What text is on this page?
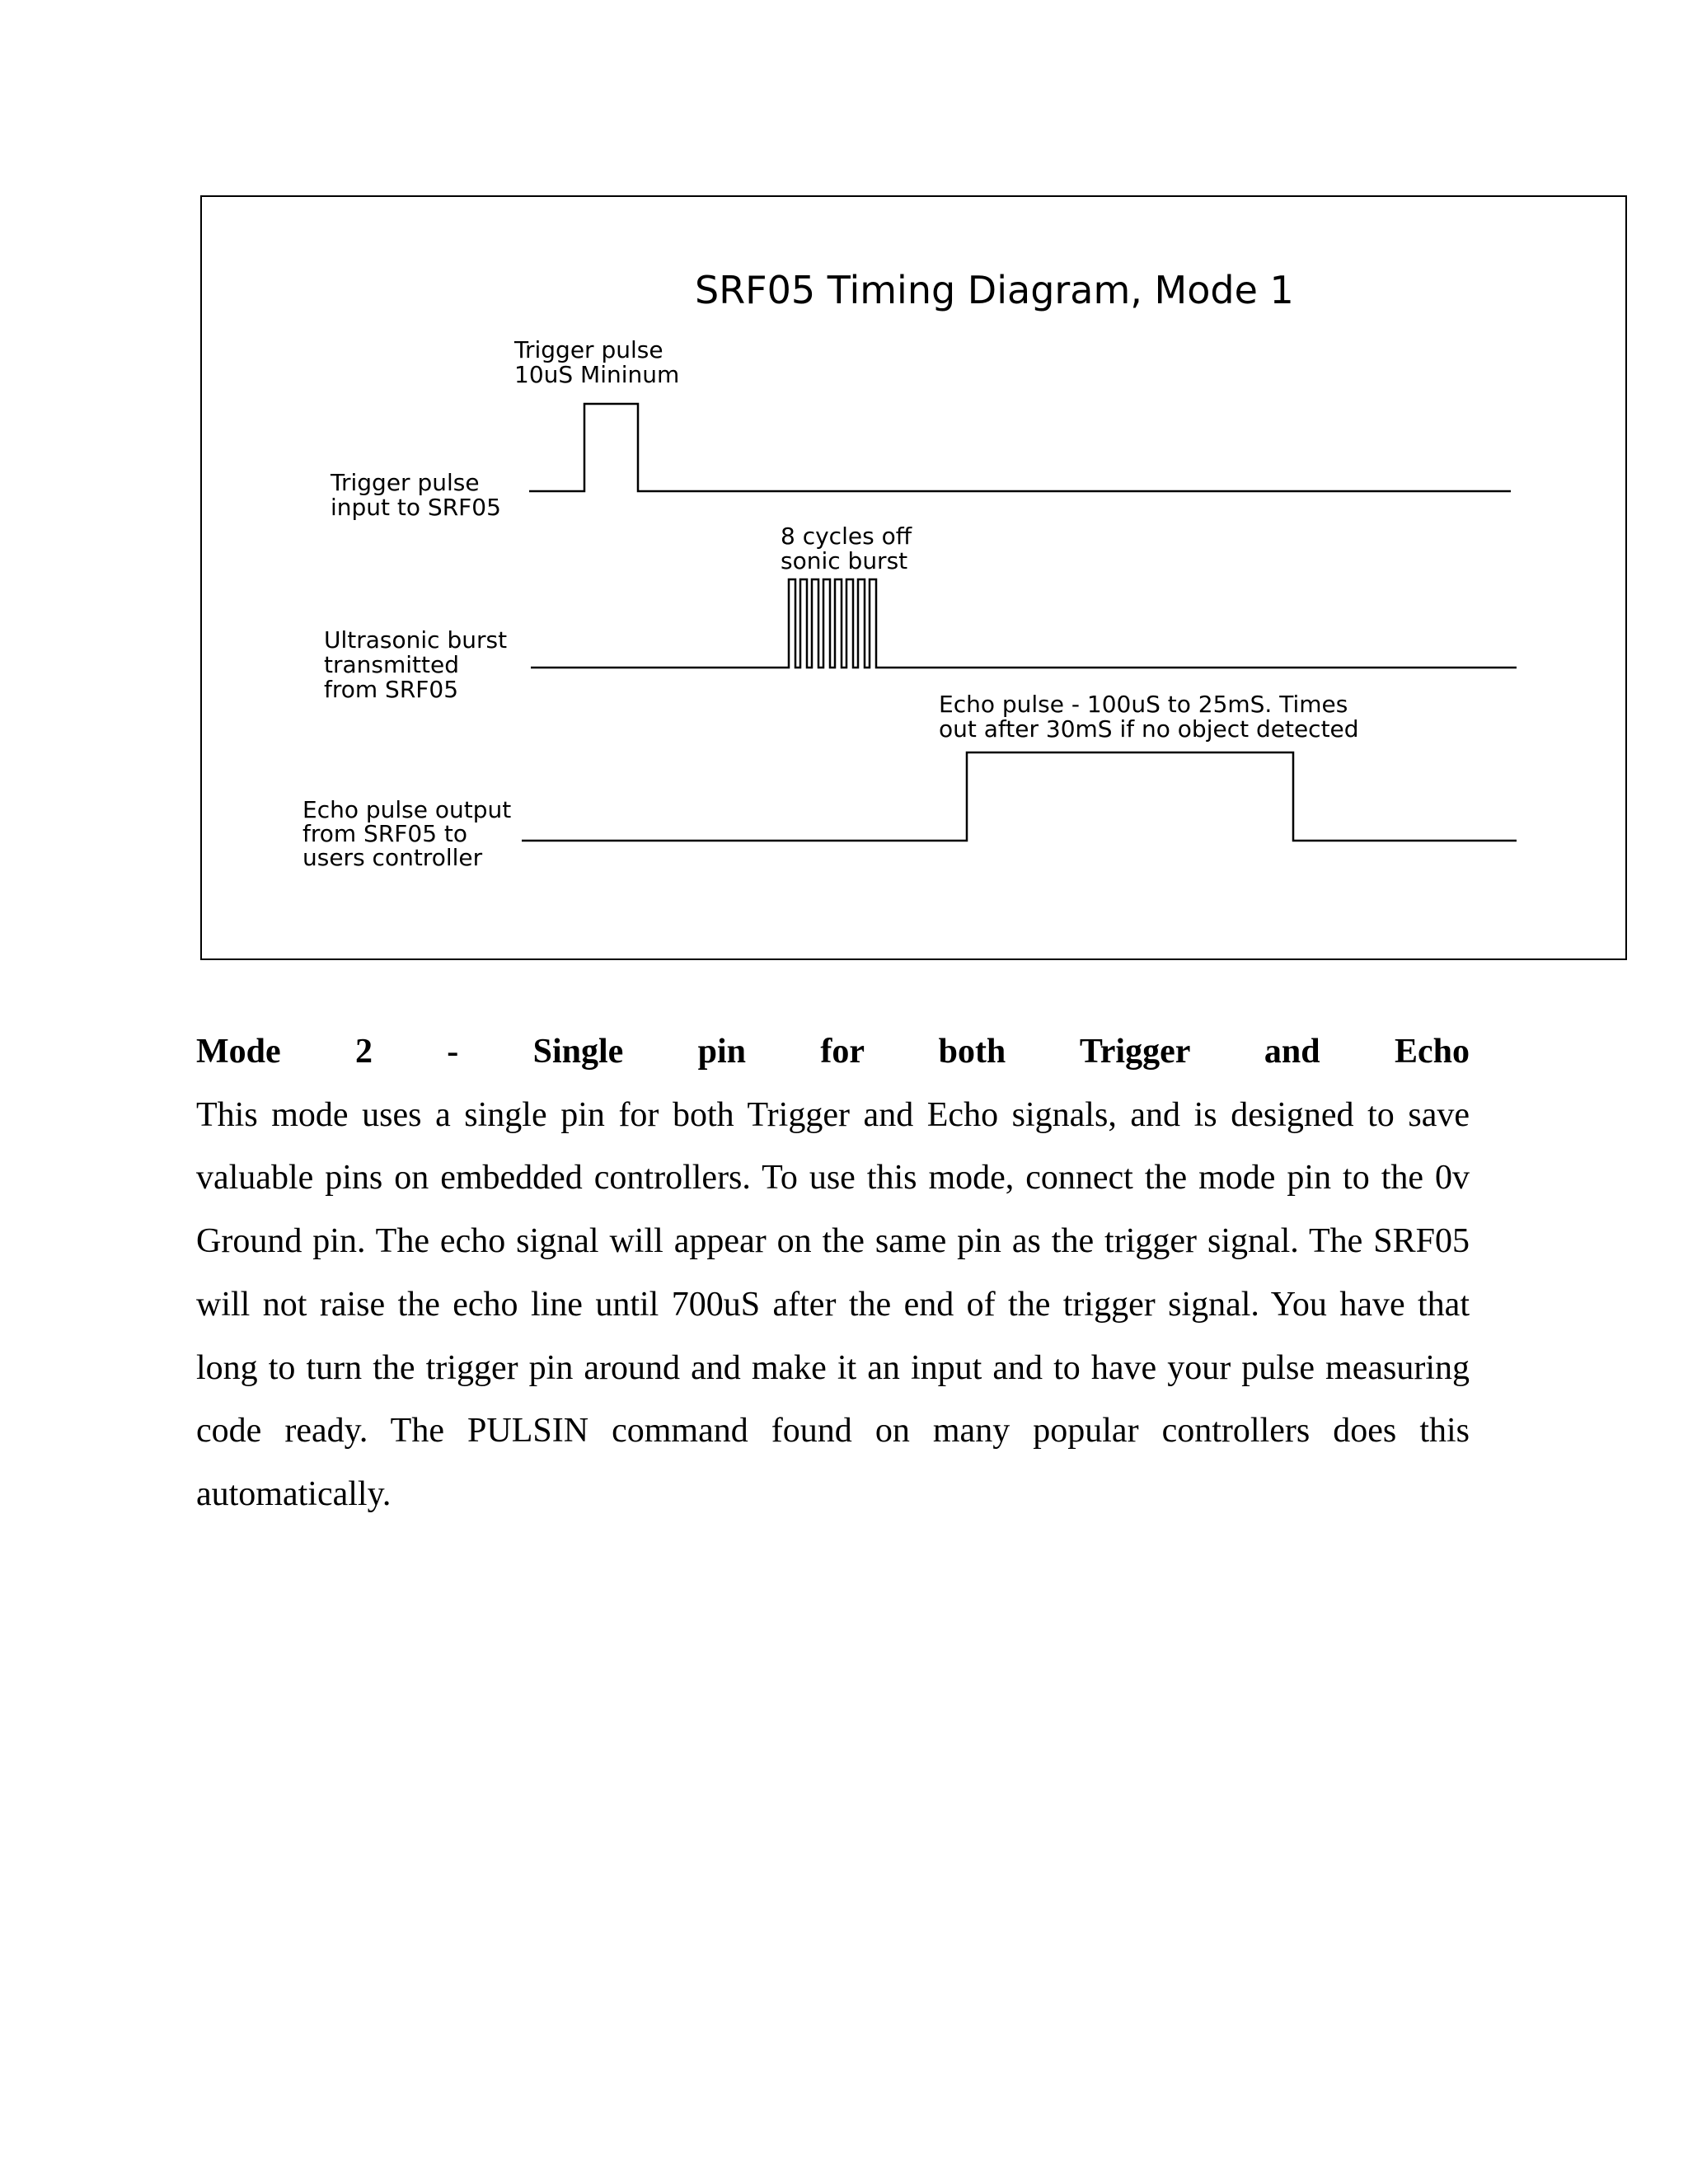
SRF05 Timing Diagram, Mode 1
Trigger pulse
10uS Mininum
Trigger pulse
input to SRF05
8 cycles off
sonic burst
Ultrasonic burst
transmitted
from SRF05
Echo pulse - 100uS to 25mS. Times
out after 30mS if no object detected
Echo pulse output
from SRF05 to
users controller
Mode 2 - Single pin for both Trigger and Echo
This mode uses a single pin for both Trigger and Echo signals, and is designed to save valuable pins on embedded controllers. To use this mode, connect the mode pin to the 0v Ground pin. The echo signal will appear on the same pin as the trigger signal. The SRF05 will not raise the echo line until 700uS after the end of the trigger signal. You have that long to turn the trigger pin around and make it an input and to have your pulse measuring code ready. The PULSIN command found on many popular controllers does this automatically.
